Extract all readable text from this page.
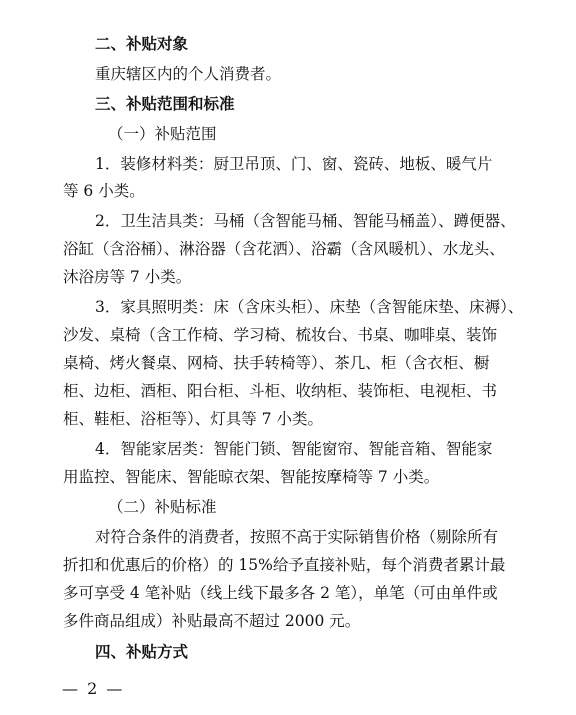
二、补贴对象
重庆辖区内的个人消费者。
三、补贴范围和标准
（一）补贴范围
1．装修材料类：厨卫吊顶、门、窗、瓷砖、地板、暖气片
等 6 小类。
2．卫生洁具类：马桶（含智能马桶、智能马桶盖）、蹲便器、
浴缸（含浴桶）、淋浴器（含花洒）、浴霸（含风暖机）、水龙头、
沐浴房等 7 小类。
3．家具照明类：床（含床头柜）、床垫（含智能床垫、床褥）、
沙发、桌椅（含工作椅、学习椅、梳妆台、书桌、咖啡桌、装饰
桌椅、烤火餐桌、网椅、扶手转椅等）、茶几、柜（含衣柜、橱
柜、边柜、酒柜、阳台柜、斗柜、收纳柜、装饰柜、电视柜、书
柜、鞋柜、浴柜等）、灯具等 7 小类。
4．智能家居类：智能门锁、智能窗帘、智能音箱、智能家
用监控、智能床、智能晾衣架、智能按摩椅等 7 小类。
（二）补贴标准
对符合条件的消费者，按照不高于实际销售价格（剔除所有
折扣和优惠后的价格）的 15%给予直接补贴，每个消费者累计最
多可享受 4 笔补贴（线上线下最多各 2 笔），单笔（可由单件或
多件商品组成）补贴最高不超过 2000 元。
四、补贴方式
— 2 —
